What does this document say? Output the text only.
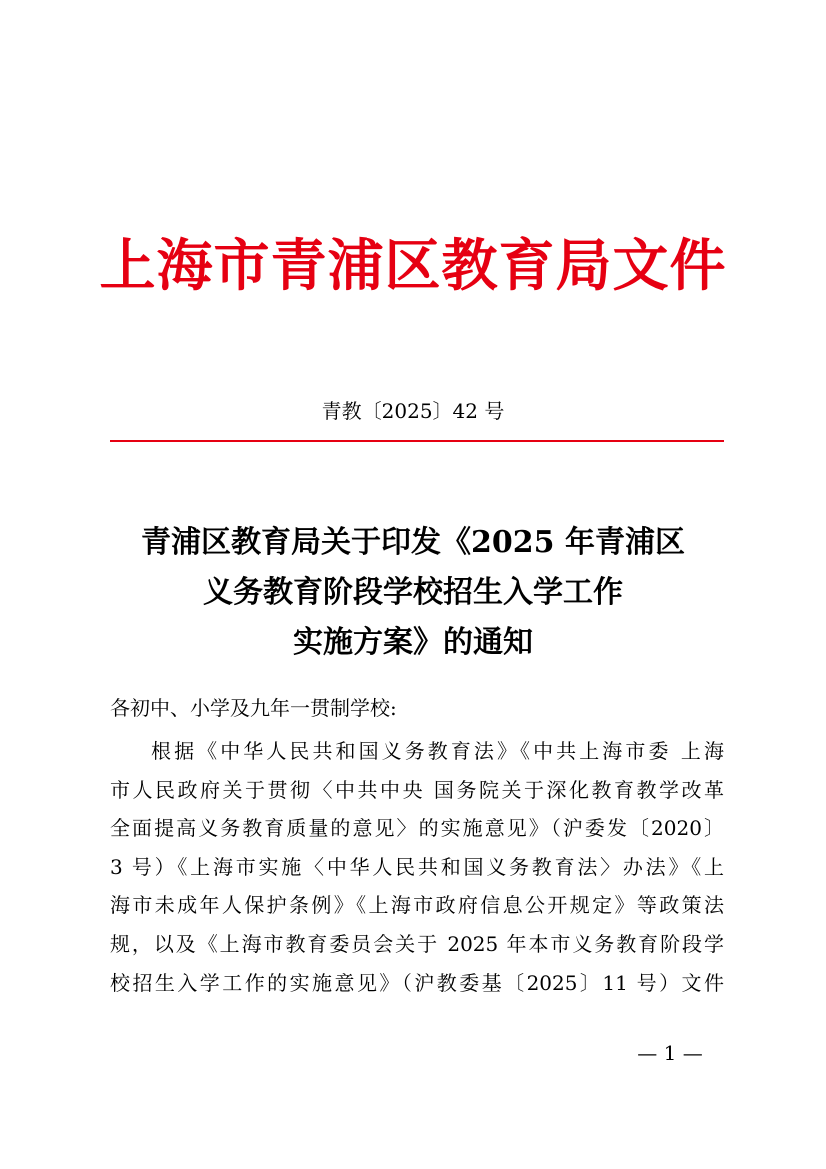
上海市青浦区教育局文件
青教〔2025〕42 号
青浦区教育局关于印发《2025 年青浦区
义务教育阶段学校招生入学工作
实施方案》的通知
各初中、小学及九年一贯制学校:
根据《中华人民共和国义务教育法》《中共上海市委 上海
市人民政府关于贯彻〈中共中央 国务院关于深化教育教学改革
全面提高义务教育质量的意见〉的实施意见》（沪委发〔2020〕
3 号）《上海市实施〈中华人民共和国义务教育法〉办法》《上
海市未成年人保护条例》《上海市政府信息公开规定》等政策法
规，以及《上海市教育委员会关于 2025 年本市义务教育阶段学
校招生入学工作的实施意见》（沪教委基〔2025〕11 号）文件
— 1 —
